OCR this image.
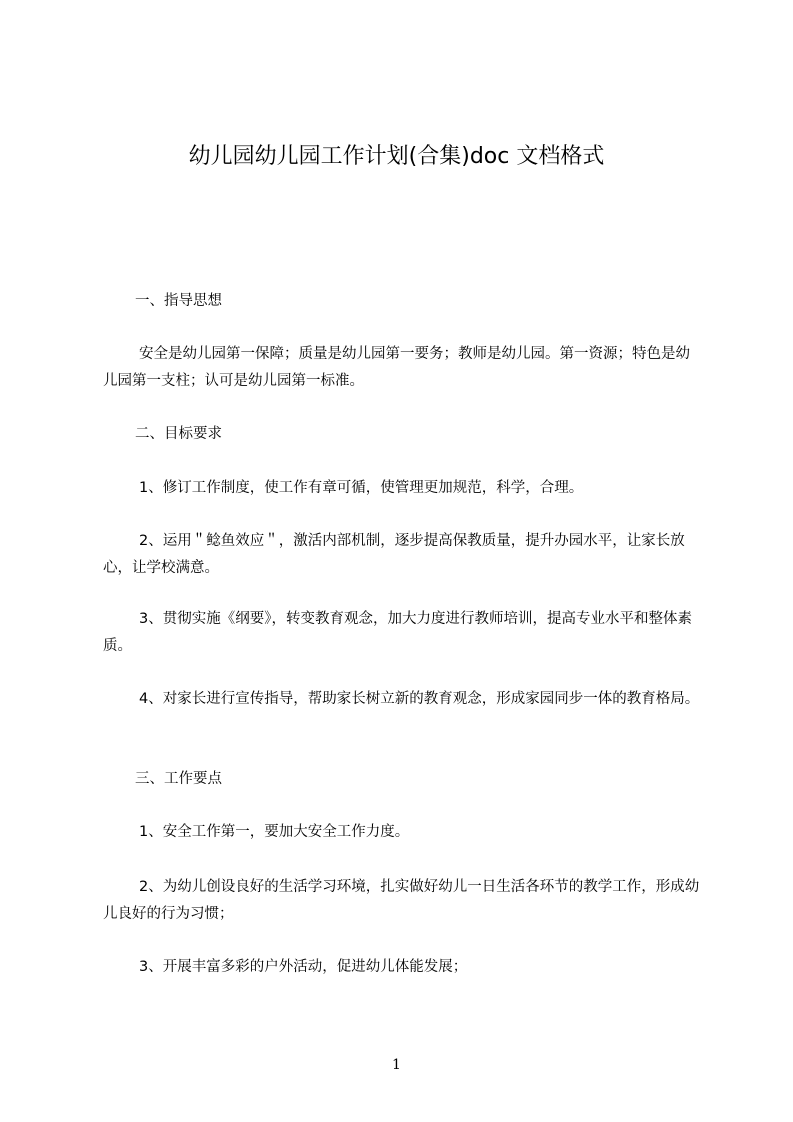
幼儿园幼儿园工作计划(合集)doc 文档格式
一、指导思想
安全是幼儿园第一保障；质量是幼儿园第一要务；教师是幼儿园。第一资源；特色是幼儿园第一支柱；认可是幼儿园第一标准。
二、目标要求
1、修订工作制度，使工作有章可循，使管理更加规范，科学，合理。
2、运用＂鲶鱼效应＂，激活内部机制，逐步提高保教质量，提升办园水平，让家长放心，让学校满意。
3、贯彻实施《纲要》，转变教育观念，加大力度进行教师培训，提高专业水平和整体素质。
4、对家长进行宣传指导，帮助家长树立新的教育观念，形成家园同步一体的教育格局。
三、工作要点
1、安全工作第一，要加大安全工作力度。
2、为幼儿创设良好的生活学习环境，扎实做好幼儿一日生活各环节的教学工作，形成幼儿良好的行为习惯；
3、开展丰富多彩的户外活动，促进幼儿体能发展；
1
